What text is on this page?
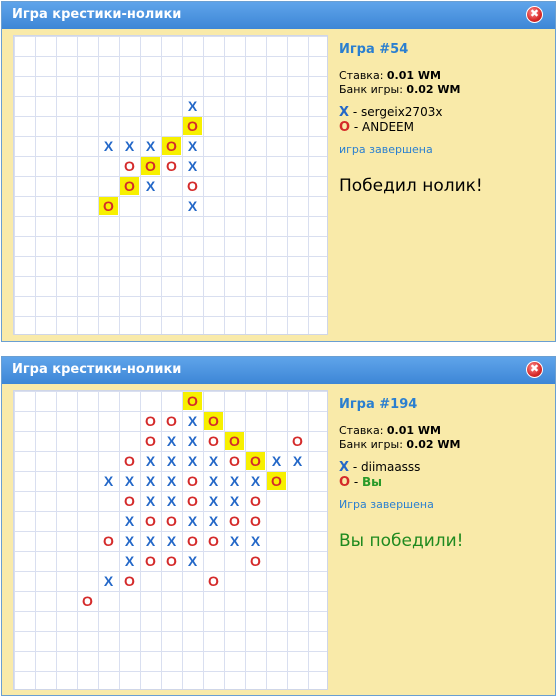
Игра крестики-нолики	✖
X
O
X X X O X
O O O X
O X	O
O	X
Игра #54
Ставка: 0.01 WM
Банк игры: 0.02 WM
X - sergeix2703x
O - ANDEEM
игра завершена
Победил нолик!
Игра крестики-нолики	✖
O
O O X O
O X X O O	O
O X X X X O O X X
X X X X O X X X O
O X X O X X O
X O O X X O O
O X X X O O X X
X O O X	O
X O	O
O
Игра #194
Ставка: 0.01 WM
Банк игры: 0.02 WM
X - diimaasss
O - Вы
Игра завершена
Вы победили!
